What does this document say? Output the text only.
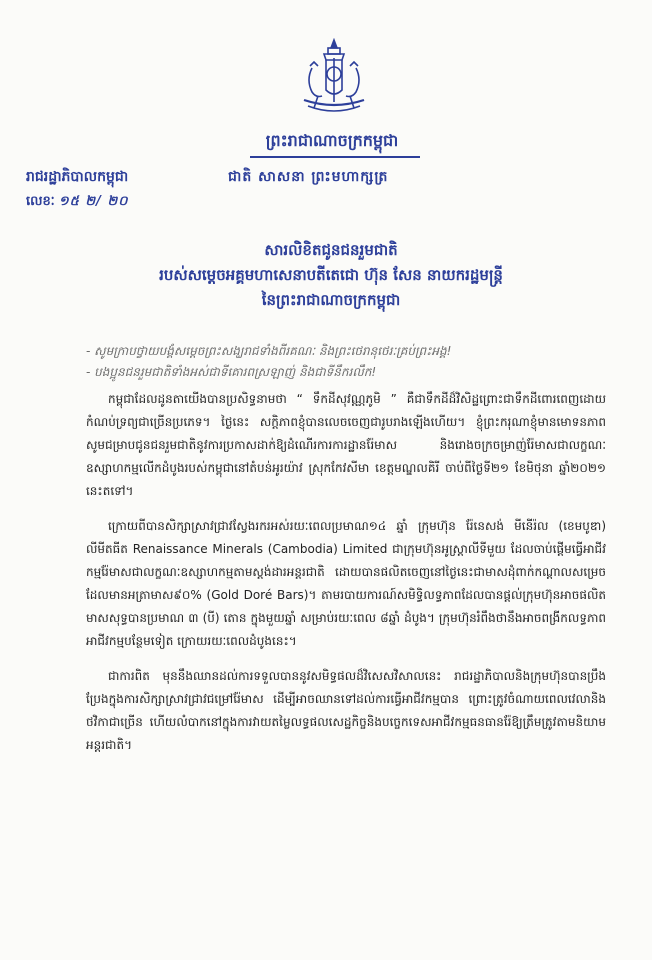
ព្រះរាជាណាចក្រកម្ពុជា
ជាតិ សាសនា ព្រះមហាក្សត្រ
រាជរដ្ឋាភិបាលកម្ពុជា
លេខៈ ១៥ ២/ ២០
សារលិខិតជូនជនរួមជាតិ
របស់សម្តេចអគ្គមហាសេនាបតីតេជោ ហ៊ុន សែន នាយករដ្ឋមន្ត្រី
នៃព្រះរាជាណាចក្រកម្ពុជា
- សូមក្រាបថ្វាយបង្គំសម្តេចព្រះសង្ឃរាជទាំងពីរគណៈ និងព្រះថេរានុថេរៈគ្រប់ព្រះអង្គ!
- បងប្អូនជនរួមជាតិទាំងអស់ជាទីគោរពស្រឡាញ់ និងជាទីនឹករលឹក!

កម្ពុជាដែលដូនតាយើងបានប្រសិទ្ធនាមថា “ ទឹកដីសុវណ្ណភូមិ ” គឺជាទឹកដីដ៏វិសិដ្ឋព្រោះជាទឹកដីពោរពេញដោយកំណប់ទ្រព្យជាច្រើនប្រភេទ។ ថ្ងៃនេះ សក្តិភាពខ្ញុំបានលេចចេញជារូបរាងឡើងហើយ។ ខ្ញុំព្រះករុណាខ្ញុំមានមោទនភាព សូមជម្រាបជូនជនរួមជាតិនូវការប្រកាសដាក់ឱ្យដំណើរការការដ្ឋានរ៉ែមាស និងរោងចក្រចម្រាញ់រ៉ែមាសជាលក្ខណៈឧស្សាហកម្មលើកដំបូងរបស់កម្ពុជានៅតំបន់អូរយ៉ាវ ស្រុកកែវសីមា ខេត្តមណ្ឌលគិរី ចាប់ពីថ្ងៃទី២១ ខែមិថុនា ឆ្នាំ២០២១ នេះតទៅ។

ក្រោយពីបានសិក្សាស្រាវជ្រាវស្វែងរករអស់រយៈពេលប្រមាណ១៤ ឆ្នាំ ក្រុមហ៊ុន រ៉ែនេសង់ មីនើរ៉ល (ខេមបូឌា) លីមីតធីត Renaissance Minerals (Cambodia) Limited ជាក្រុមហ៊ុនអូស្ត្រាលីទីមួយ ដែលចាប់ផ្តើមធ្វើអាជីវកម្មរ៉ែមាសជាលក្ខណៈឧស្សាហកម្មតាមស្តង់ដារអន្តរជាតិ ដោយបានផលិតចេញនៅថ្ងៃនេះជាមាសដុំពាក់កណ្តាលសម្រេចដែលមានអត្រាមាស៩០% (Gold Doré Bars)។ តាមរបាយការណ៍សមិទ្ធិលទ្ធភាពដែលបានផ្តល់ក្រុមហ៊ុនអាចផលិតមាសសុទ្ធបានប្រមាណ ៣ (បី) តោន ក្នុងមួយឆ្នាំ សម្រាប់រយៈពេល ៨ឆ្នាំ ដំបូង។ ក្រុមហ៊ុនរំពឹងថានឹងអាចពង្រីកលទ្ធភាពអាជីវកម្មបន្ថែមទៀត ក្រោយរយៈពេលដំបូងនេះ។

ជាការពិត មុននឹងឈានដល់ការទទួលបាននូវសមិទ្ធផលដ៏វិសេសវិសាលនេះ រាជរដ្ឋាភិបាលនិងក្រុមហ៊ុនបានប្រឹងប្រែងក្នុងការសិក្សាស្រាវជ្រាវជម្រៅរ៉ែមាស ដើម្បីអាចឈានទៅដល់ការធ្វើអាជីវកម្មបាន ព្រោះត្រូវចំណាយពេលវេលានិងថវិកាជាច្រើន ហើយលំបាកនៅក្នុងការវាយតម្លៃលទ្ធផលសេដ្ឋកិច្ចនិងបច្ចេកទេសអាជីវកម្មធនធានរ៉ែឱ្យត្រឹមត្រូវតាមនិយាមអន្តរជាតិ។
